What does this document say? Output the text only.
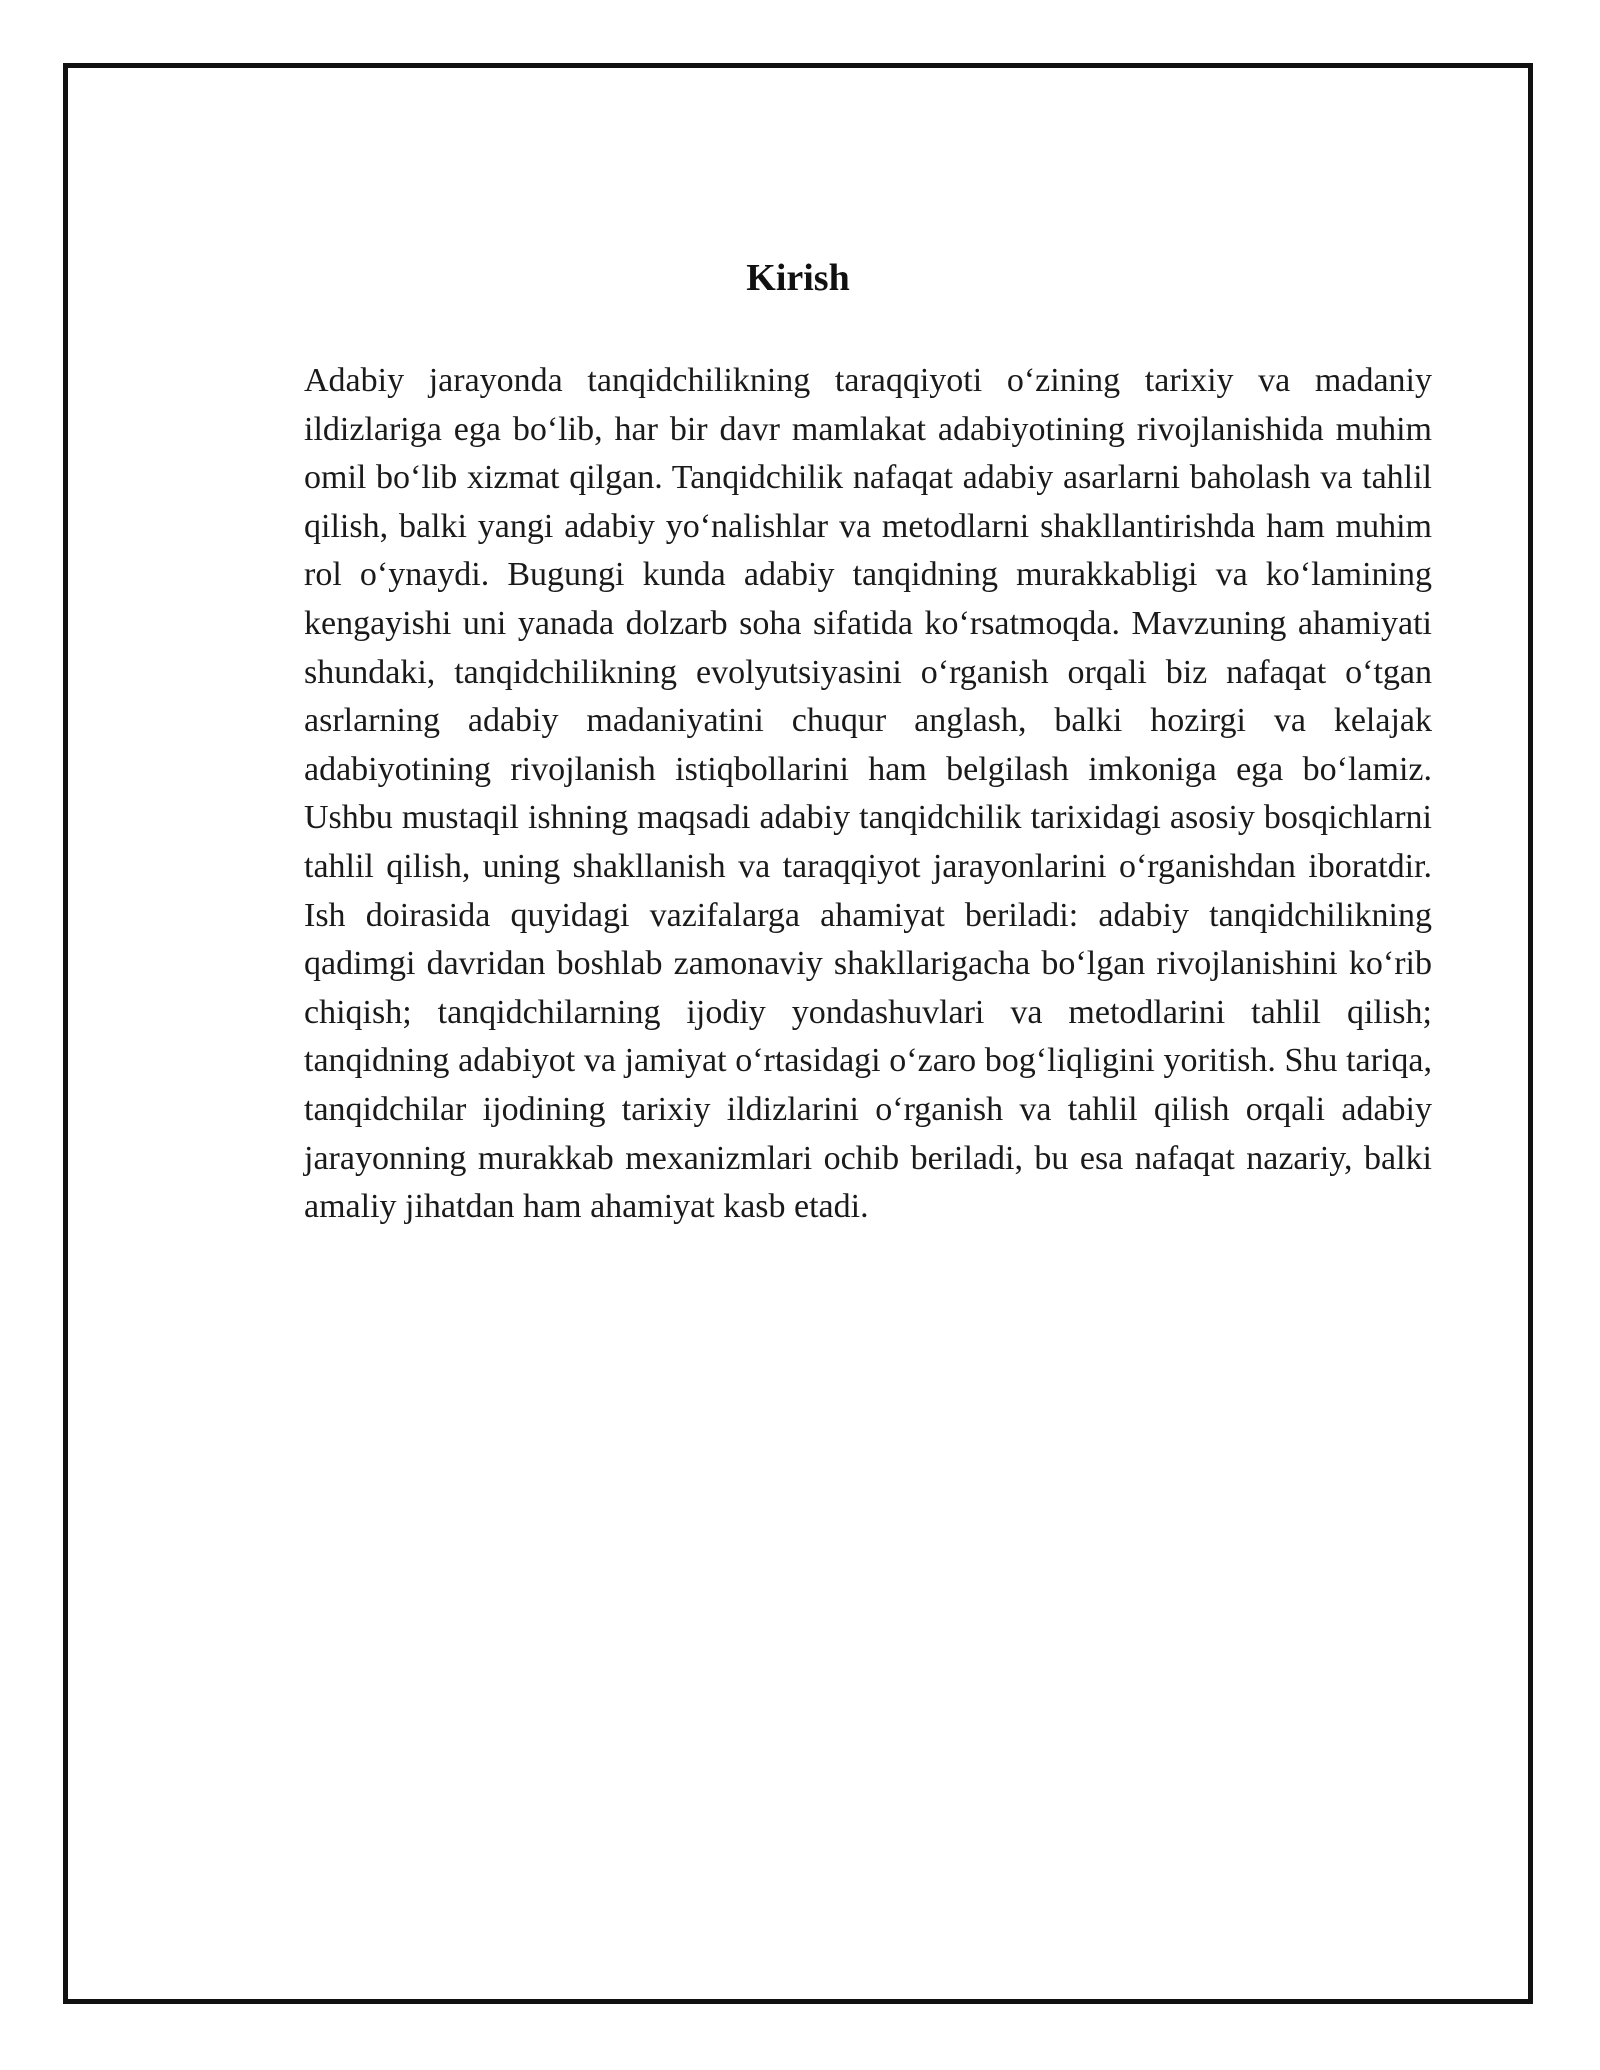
Kirish

Adabiy jarayonda tanqidchilikning taraqqiyoti o‘zining tarixiy va madaniy ildizlariga ega bo‘lib, har bir davr mamlakat adabiyotining rivojlanishida muhim omil bo‘lib xizmat qilgan. Tanqidchilik nafaqat adabiy asarlarni baholash va tahlil qilish, balki yangi adabiy yo‘nalishlar va metodlarni shakllantirishda ham muhim rol o‘ynaydi. Bugungi kunda adabiy tanqidning murakkabligi va ko‘lamining kengayishi uni yanada dolzarb soha sifatida ko‘rsatmoqda. Mavzuning ahamiyati shundaki, tanqidchilikning evolyutsiyasini o‘rganish orqali biz nafaqat o‘tgan asrlarning adabiy madaniyatini chuqur anglash, balki hozirgi va kelajak adabiyotining rivojlanish istiqbollarini ham belgilash imkoniga ega bo‘lamiz. Ushbu mustaqil ishning maqsadi adabiy tanqidchilik tarixidagi asosiy bosqichlarni tahlil qilish, uning shakllanish va taraqqiyot jarayonlarini o‘rganishdan iboratdir. Ish doirasida quyidagi vazifalarga ahamiyat beriladi: adabiy tanqidchilikning qadimgi davridan boshlab zamonaviy shakllarigacha bo‘lgan rivojlanishini ko‘rib chiqish; tanqidchilarning ijodiy yondashuvlari va metodlarini tahlil qilish; tanqidning adabiyot va jamiyat o‘rtasidagi o‘zaro bog‘liqligini yoritish. Shu tariqa, tanqidchilar ijodining tarixiy ildizlarini o‘rganish va tahlil qilish orqali adabiy jarayonning murakkab mexanizmlari ochib beriladi, bu esa nafaqat nazariy, balki amaliy jihatdan ham ahamiyat kasb etadi.
